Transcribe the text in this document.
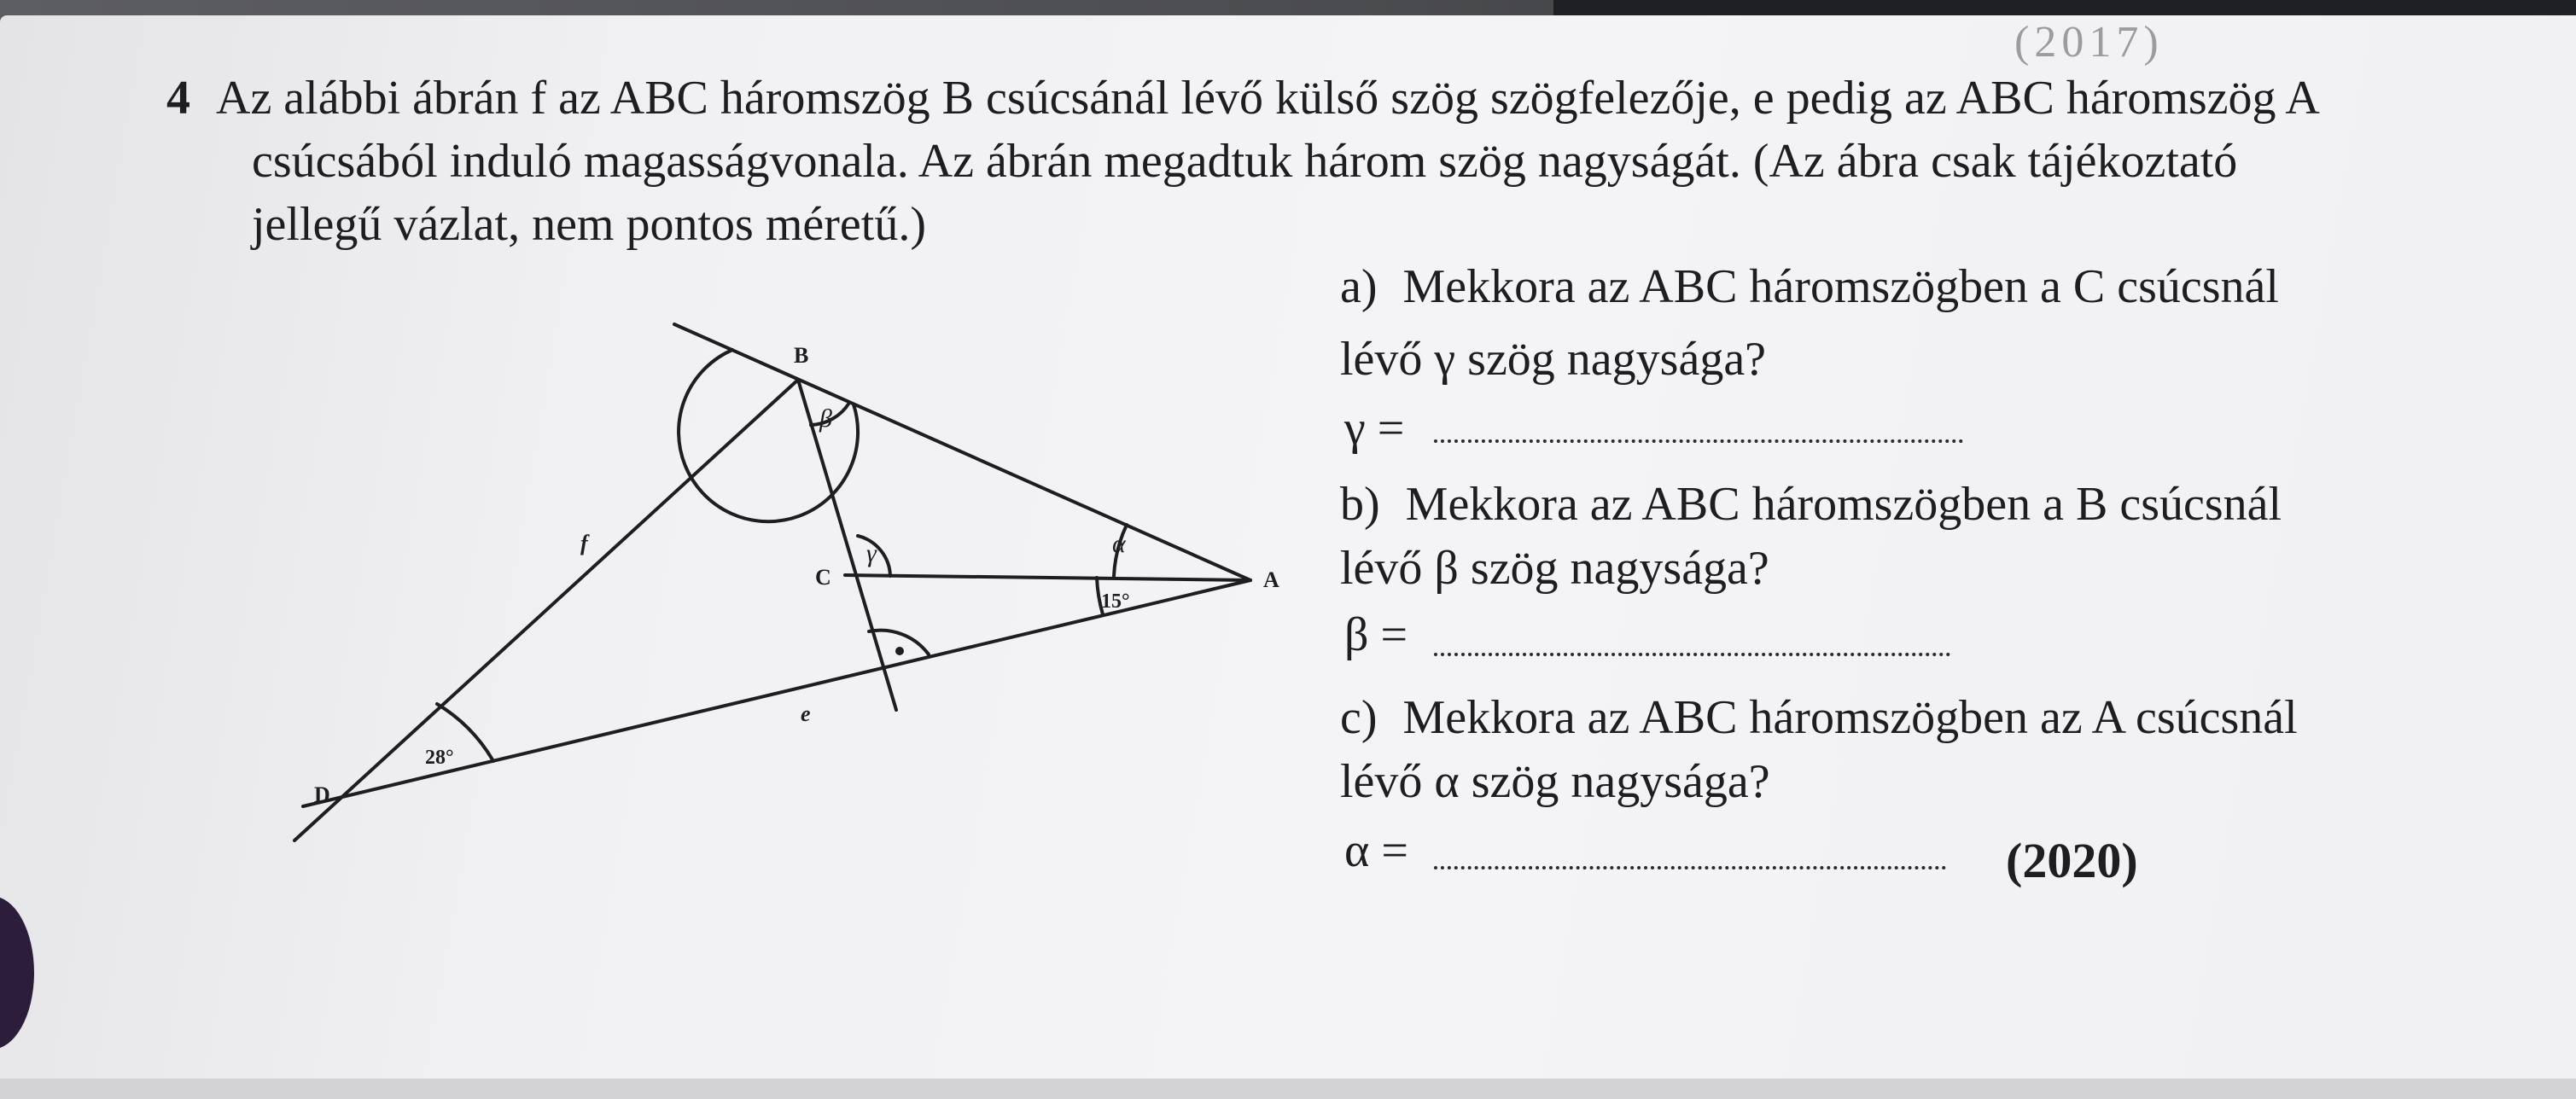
(2017)
4 Az alábbi ábrán f az ABC háromszög B csúcsánál lévő külső szög szögfelezője, e pedig az ABC háromszög A
csúcsából induló magasságvonala. Az ábrán megadtuk három szög nagyságát. (Az ábra csak tájékoztató
jellegű vázlat, nem pontos méretű.)
B
A
C
D
f
e
β
γ	α
15°
28°
a) Mekkora az ABC háromszögben a C csúcsnál
lévő γ szög nagysága?
γ =
b) Mekkora az ABC háromszögben a B csúcsnál
lévő β szög nagysága?
β =
c) Mekkora az ABC háromszögben az A csúcsnál
lévő α szög nagysága?
α =	(2020)
